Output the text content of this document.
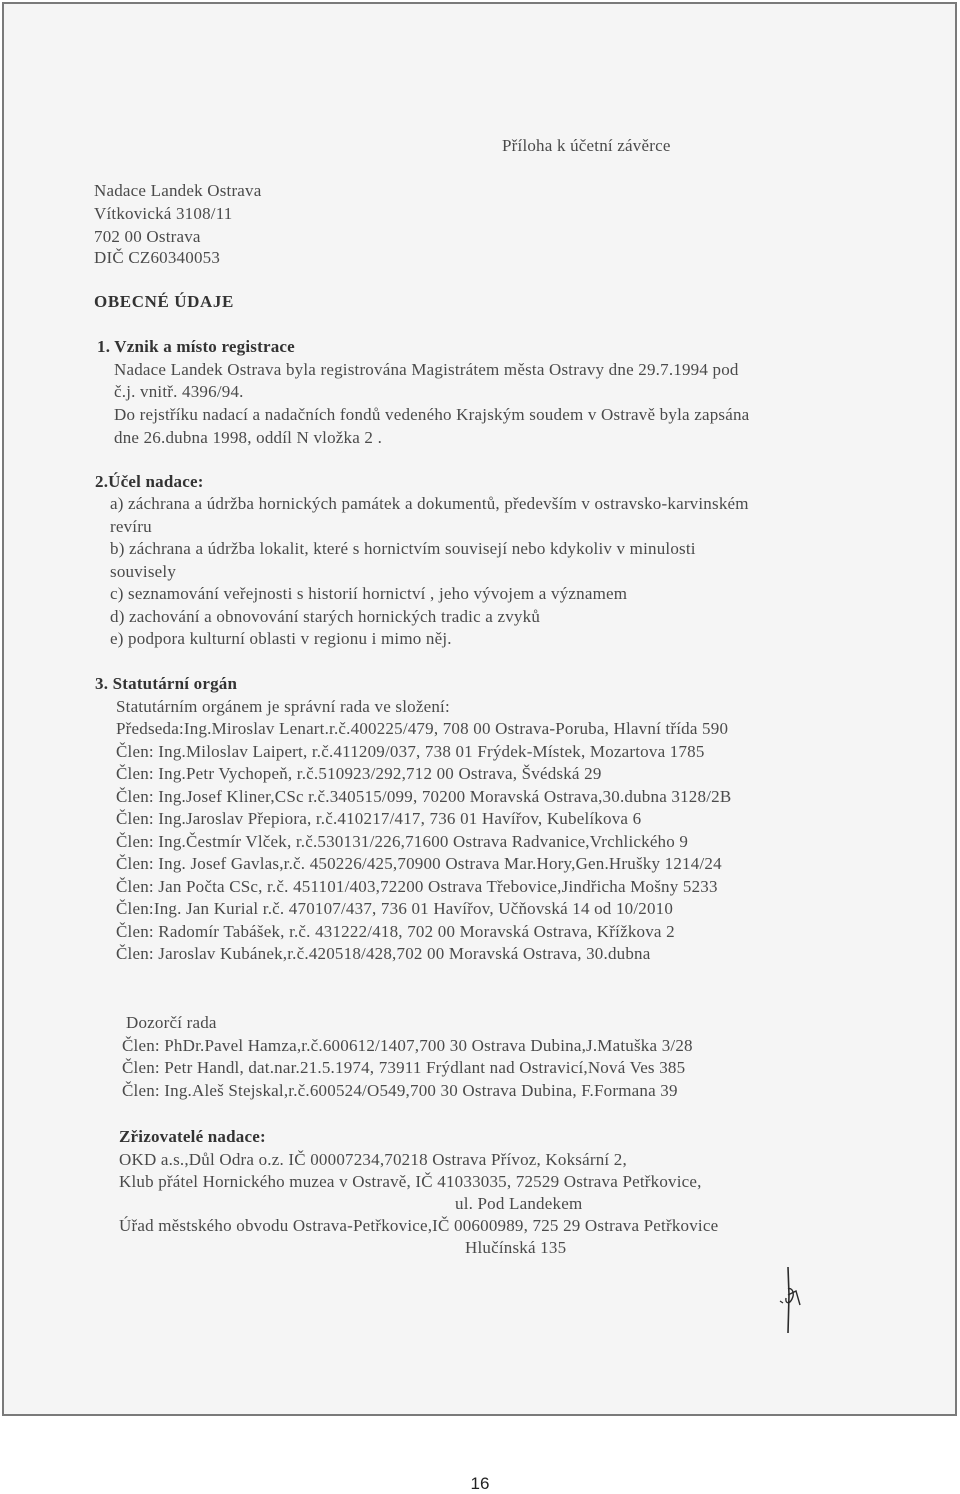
Příloha k účetní závěrce
Nadace Landek Ostrava
Vítkovická 3108/11
702 00 Ostrava
DIČ CZ60340053
OBECNÉ ÚDAJE
1. Vznik a místo registrace
Nadace Landek Ostrava byla registrována Magistrátem města Ostravy dne 29.7.1994 pod
č.j. vnitř. 4396/94.
Do rejstříku nadací a nadačních fondů vedeného Krajským soudem v Ostravě byla zapsána
dne 26.dubna 1998, oddíl N vložka 2 .
2.Účel nadace:
a) záchrana a údržba hornických památek a dokumentů, především v ostravsko-karvinském
revíru
b) záchrana a údržba lokalit, které s hornictvím souvisejí nebo kdykoliv v minulosti
souvisely
c) seznamování veřejnosti s historií hornictví , jeho vývojem a významem
d) zachování a obnovování starých hornických tradic a zvyků
e) podpora kulturní oblasti v regionu i mimo něj.
3. Statutární orgán
Statutárním orgánem je správní rada ve složení:
Předseda:Ing.Miroslav Lenart.r.č.400225/479, 708 00 Ostrava-Poruba, Hlavní třída 590
Člen: Ing.Miloslav Laipert, r.č.411209/037, 738 01 Frýdek-Místek, Mozartova 1785
Člen: Ing.Petr Vychopeň, r.č.510923/292,712 00 Ostrava, Švédská 29
Člen: Ing.Josef Kliner,CSc r.č.340515/099, 70200 Moravská Ostrava,30.dubna 3128/2B
Člen: Ing.Jaroslav Přepiora, r.č.410217/417, 736 01 Havířov, Kubelíkova 6
Člen: Ing.Čestmír Vlček, r.č.530131/226,71600 Ostrava Radvanice,Vrchlického 9
Člen: Ing. Josef Gavlas,r.č. 450226/425,70900 Ostrava Mar.Hory,Gen.Hrušky 1214/24
Člen: Jan Počta CSc, r.č. 451101/403,72200 Ostrava Třebovice,Jindřicha Mošny 5233
Člen:Ing. Jan Kurial r.č. 470107/437, 736 01 Havířov, Učňovská 14 od 10/2010
Člen: Radomír Tabášek, r.č. 431222/418, 702 00 Moravská Ostrava, Křížkova 2
Člen: Jaroslav Kubánek,r.č.420518/428,702 00 Moravská Ostrava, 30.dubna
Dozorčí rada
Člen: PhDr.Pavel Hamza,r.č.600612/1407,700 30 Ostrava Dubina,J.Matuška 3/28
Člen: Petr Handl, dat.nar.21.5.1974, 73911 Frýdlant nad Ostravicí,Nová Ves 385
Člen: Ing.Aleš Stejskal,r.č.600524/O549,700 30 Ostrava Dubina, F.Formana 39
Zřizovatelé nadace:
OKD a.s.,Důl Odra o.z. IČ 00007234,70218 Ostrava Přívoz, Koksární 2,
Klub přátel Hornického muzea v Ostravě, IČ 41033035, 72529 Ostrava Petřkovice,
ul. Pod Landekem
Úřad městského obvodu Ostrava-Petřkovice,IČ 00600989, 725 29 Ostrava Petřkovice
Hlučínská 135
16
